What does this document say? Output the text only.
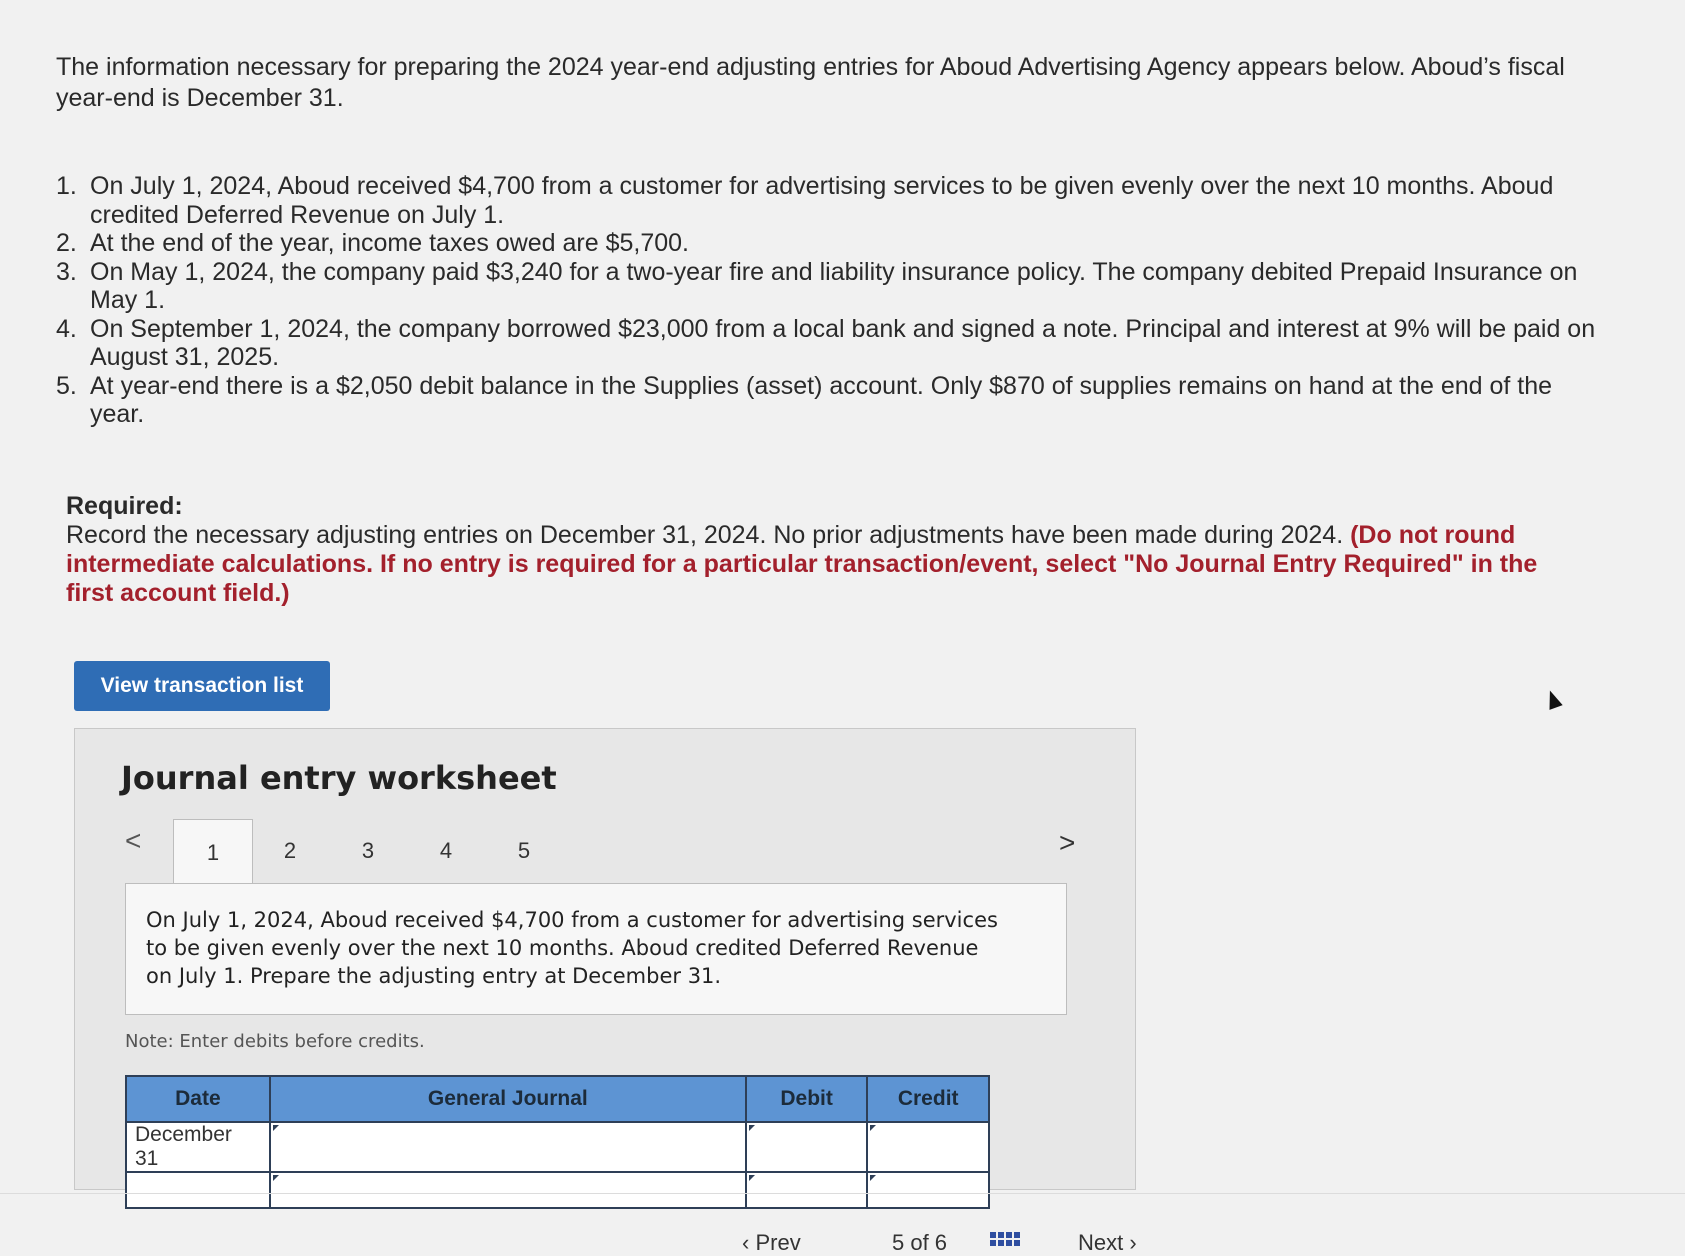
The information necessary for preparing the 2024 year-end adjusting entries for Aboud Advertising Agency appears below. Aboud’s fiscal year-end is December 31.
1. On July 1, 2024, Aboud received $4,700 from a customer for advertising services to be given evenly over the next 10 months. Aboud credited Deferred Revenue on July 1.
2. At the end of the year, income taxes owed are $5,700.
3. On May 1, 2024, the company paid $3,240 for a two-year fire and liability insurance policy. The company debited Prepaid Insurance on May 1.
4. On September 1, 2024, the company borrowed $23,000 from a local bank and signed a note. Principal and interest at 9% will be paid on August 31, 2025.
5. At year-end there is a $2,050 debit balance in the Supplies (asset) account. Only $870 of supplies remains on hand at the end of the year.
Required:
Record the necessary adjusting entries on December 31, 2024. No prior adjustments have been made during 2024. (Do not round intermediate calculations. If no entry is required for a particular transaction/event, select "No Journal Entry Required" in the first account field.)
View transaction list
Journal entry worksheet
<	1	2	3	4	5	>
On July 1, 2024, Aboud received $4,700 from a customer for advertising services to be given evenly over the next 10 months. Aboud credited Deferred Revenue on July 1. Prepare the adjusting entry at December 31.
Note: Enter debits before credits.
Date	General Journal	Debit	Credit
December 31			

‹ Prev	5 of 6	Next ›
